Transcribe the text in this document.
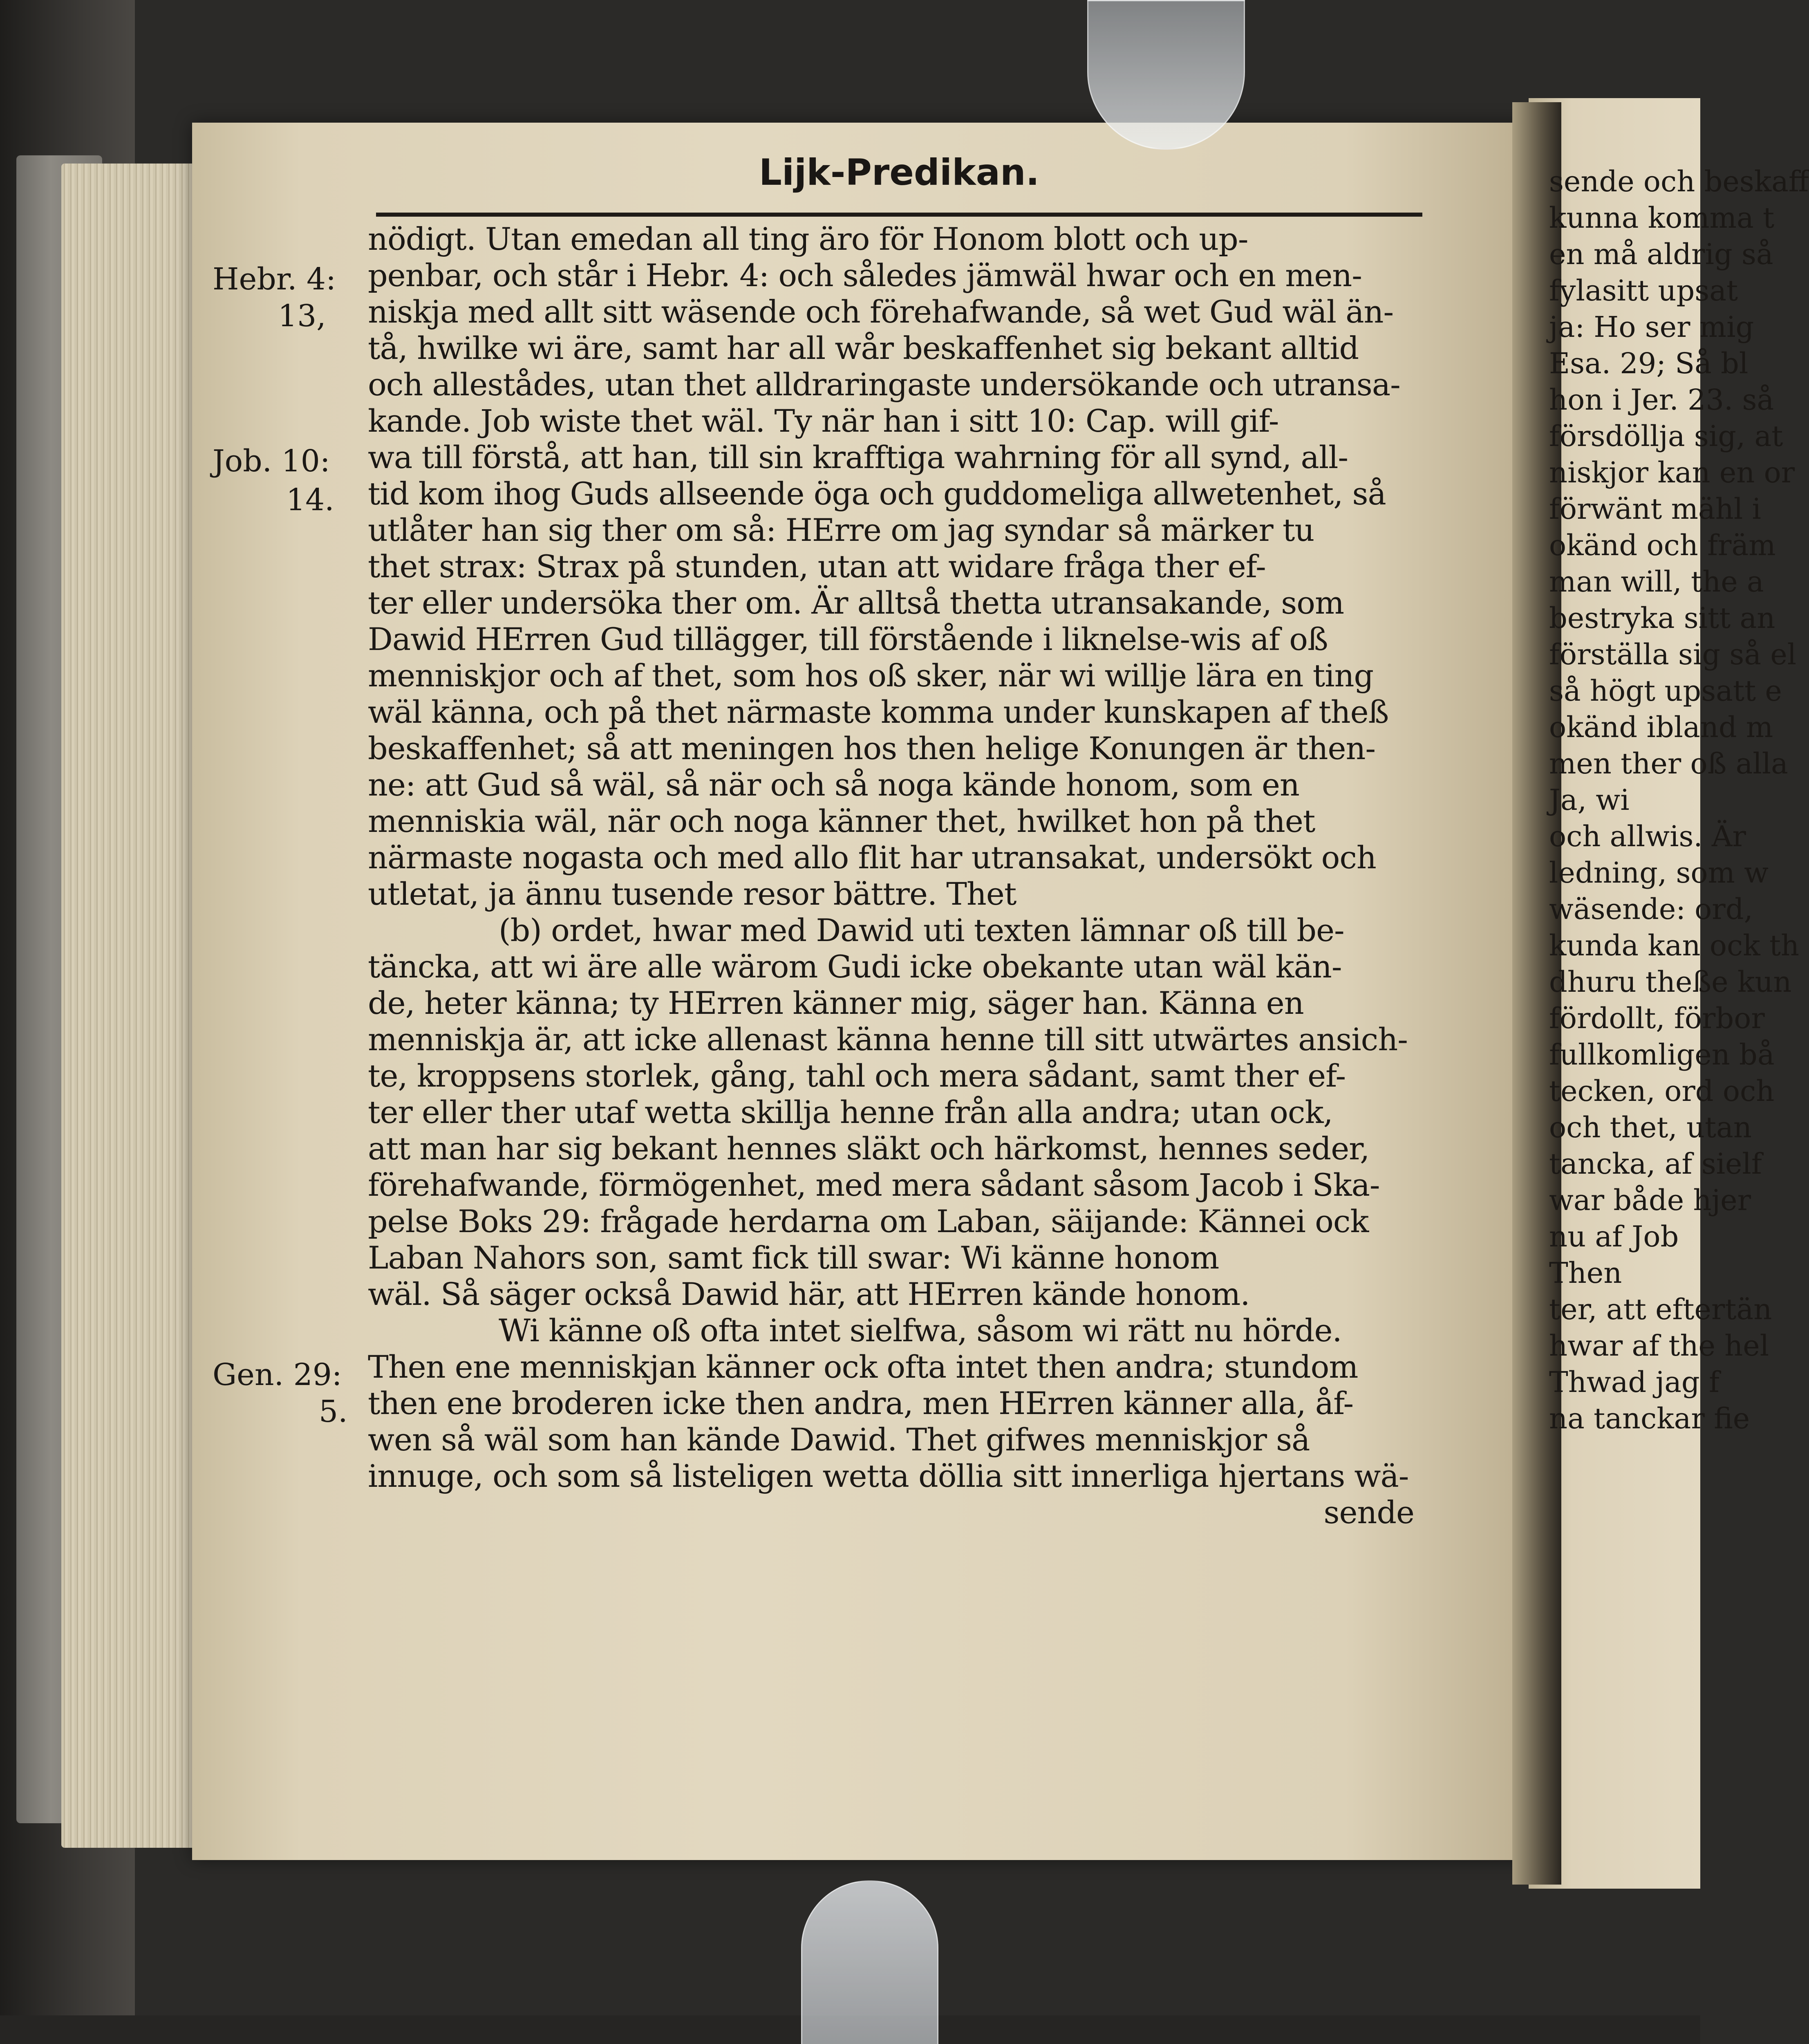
Lijk-Predikan.
nödigt. Utan emedan all ting äro för Honom blott och up-
penbar, och står i Hebr. 4: och således jämwäl hwar och en men-
niskja med allt sitt wäsende och förehafwande, så wet Gud wäl än-
tå, hwilke wi äre, samt har all wår beskaffenhet sig bekant alltid
och allestådes, utan thet alldraringaste undersökande och utransa-
kande. Job wiste thet wäl. Ty när han i sitt 10: Cap. will gif-
wa till förstå, att han, till sin krafftiga wahrning för all synd, all-
tid kom ihog Guds allseende öga och guddomeliga allwetenhet, så
utlåter han sig ther om så: HErre om jag syndar så märker tu
thet strax: Strax på stunden, utan att widare fråga ther ef-
ter eller undersöka ther om. Är alltså thetta utransakande, som
Dawid HErren Gud tillägger, till förstående i liknelse-wis af oß
menniskjor och af thet, som hos oß sker, när wi willje lära en ting
wäl känna, och på thet närmaste komma under kunskapen af theß
beskaffenhet; så att meningen hos then helige Konungen är then-
ne: att Gud så wäl, så när och så noga kände honom, som en
menniskia wäl, när och noga känner thet, hwilket hon på thet
närmaste nogasta och med allo flit har utransakat, undersökt och
utletat, ja ännu tusende resor bättre. Thet
(b) ordet, hwar med Dawid uti texten lämnar oß till be-
täncka, att wi äre alle wärom Gudi icke obekante utan wäl kän-
de, heter känna; ty HErren känner mig, säger han. Känna en
menniskja är, att icke allenast känna henne till sitt utwärtes ansich-
te, kroppsens storlek, gång, tahl och mera sådant, samt ther ef-
ter eller ther utaf wetta skillja henne från alla andra; utan ock,
att man har sig bekant hennes släkt och härkomst, hennes seder,
förehafwande, förmögenhet, med mera sådant såsom Jacob i Ska-
pelse Boks 29: frågade herdarna om Laban, säijande: Kännei ock
Laban Nahors son, samt fick till swar: Wi känne honom
wäl. Så säger också Dawid här, att HErren kände honom.
Wi känne oß ofta intet sielfwa, såsom wi rätt nu hörde.
Then ene menniskjan känner ock ofta intet then andra; stundom
then ene broderen icke then andra, men HErren känner alla, åf-
wen så wäl som han kände Dawid. Thet gifwes menniskjor så
innuge, och som så listeligen wetta döllia sitt innerliga hjertans wä-
sende
Hebr. 4:
13,
Job. 10:
14.
Gen. 29:
5.
sende och beskaff
kunna komma t
en må aldrig så
fylasitt upsat
ja: Ho ser mig
Esa. 29; Så bl
hon i Jer. 23. så
försdöllja sig, at
niskjor kan en or
förwänt mähl i
okänd och främ
man will, the a
bestryka sitt an
förställa sig så el
så högt upsatt e
okänd ibland m
men ther oß alla
Ja, wi
och allwis. Är
ledning, som w
wäsende: ord,
kunda kan ock th
dhuru theße kun
fördollt, förbor
fullkomligen bå
tecken, ord och
och thet, utan
tancka, af sielf
war både hjer
nu af Job
Then
ter, att eftertän
hwar af the hel
Thwad jag f
na tanckar fie
